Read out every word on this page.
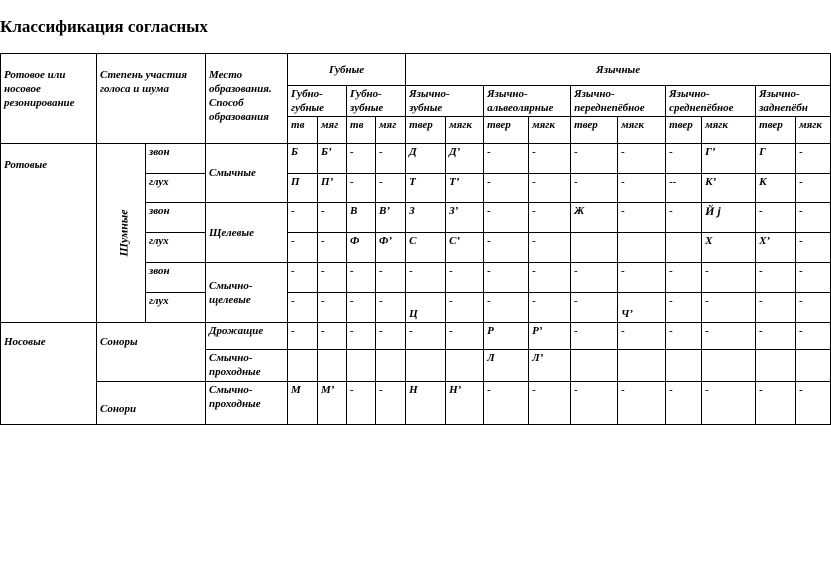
Классификация согласных
Ротовое или носовое резонирование	Степень участия голоса и шума		Место образования. Способ образования	Губные				Язычные									
				Губно-губные		Губно-зубные		Язычно-зубные		Язычно-альвеолярные		Язычно-переднепёбное		Язычно-среднепёбное		Язычно-заднепёбн	
				тв	мяг	тв	мяг	твер	мягк	твер	мягк	твер	мягк	твер	мягк	твер	мягк
Ротовые	Шумные	звон	Смычные	Б	Б’	-	-	Д	Д’	-	-	-	-	-	Г’	Г	-
		глух		П	П’	-	-	Т	Т’	-	-	-	-	--	К’	К	-
		звон	Щелевые	-	-	В	В’	З	З’	-	-	Ж	-	-	Й j	-	-
		глух		-	-	Ф	Ф’	С	С’	-	-				Х	Х’	-
		звон	Смычно-щелевые	-	-	-	-	-	-	-	-	-	-	-	-	-	-
		глух		-	-	-	-	Ц	-	-	-	-	Ч’	-	-	-	-
Носовые	Соноры		Дрожащие	-	-	-	-	-	-	Р	Р’	-	-	-	-	-	-
			Смычно-проходные							Л	Л’						
	Сонори		Смычно-проходные	М	М’	-	-	Н	Н’	-	-	-	-	-	-	-	-
